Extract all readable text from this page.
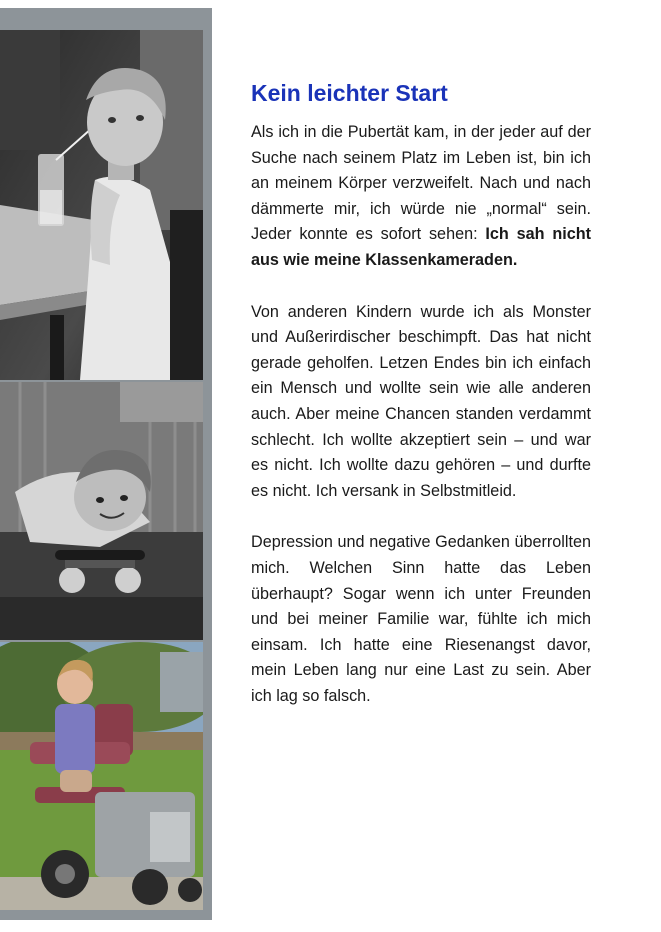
Kein leichter Start

Als ich in die Pubertät kam, in der jeder auf der Suche nach seinem Platz im Leben ist, bin ich an meinem Körper verzweifelt. Nach und nach dämmerte mir, ich würde nie „normal“ sein. Jeder konnte es sofort sehen: Ich sah nicht aus wie meine Klassenkameraden.

Von anderen Kindern wurde ich als Monster und Außerirdischer beschimpft. Das hat nicht gerade geholfen. Letzen Endes bin ich einfach ein Mensch und wollte sein wie alle anderen auch. Aber meine Chancen standen verdammt schlecht. Ich wollte akzeptiert sein – und war es nicht. Ich wollte dazu gehören – und durfte es nicht. Ich versank in Selbstmitleid.

Depression und negative Gedanken überrollten mich. Welchen Sinn hatte das Leben überhaupt? Sogar wenn ich unter Freunden und bei meiner Familie war, fühlte ich mich einsam. Ich hatte eine Riesenangst davor, mein Leben lang nur eine Last zu sein. Aber ich lag so falsch.
